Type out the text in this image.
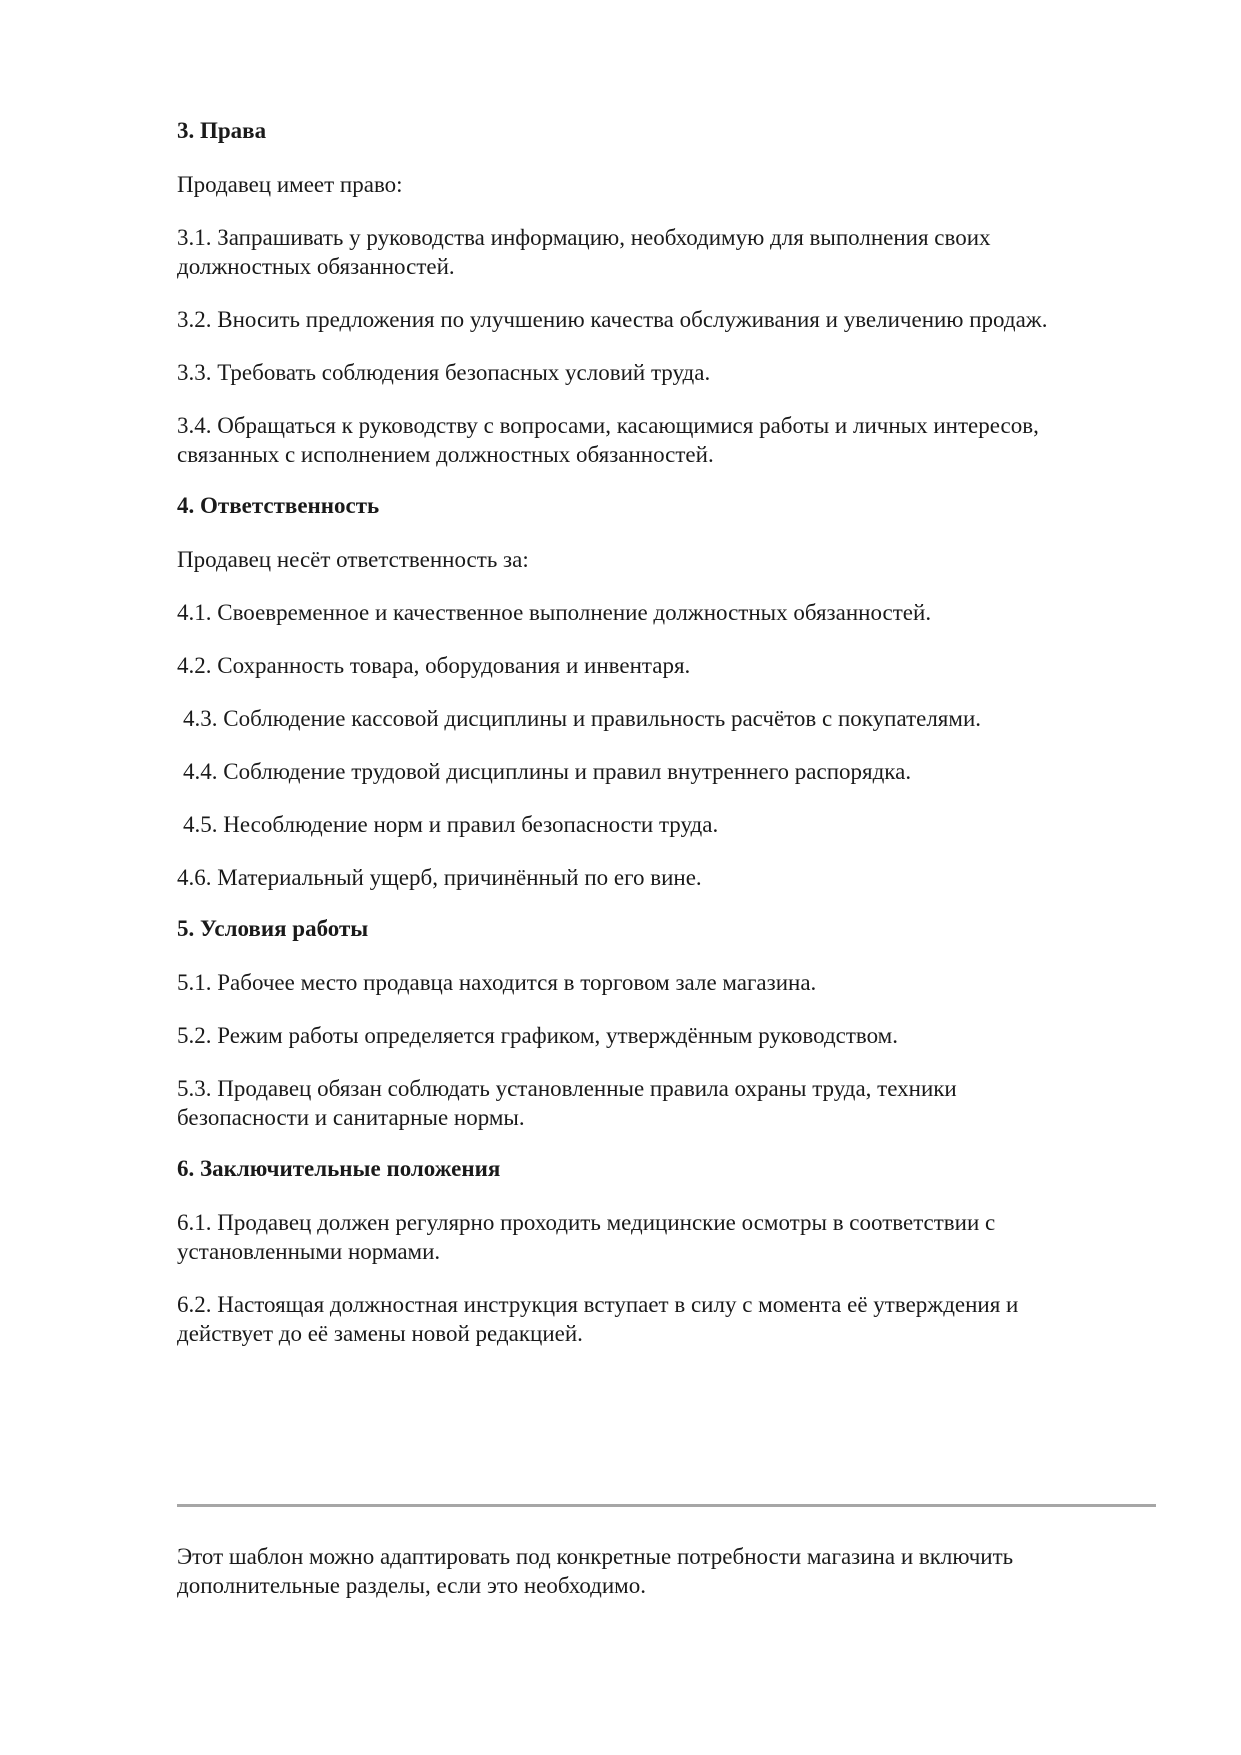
3. Права

Продавец имеет право:

3.1. Запрашивать у руководства информацию, необходимую для выполнения своих
должностных обязанностей.

3.2. Вносить предложения по улучшению качества обслуживания и увеличению продаж.

3.3. Требовать соблюдения безопасных условий труда.

3.4. Обращаться к руководству с вопросами, касающимися работы и личных интересов,
связанных с исполнением должностных обязанностей.

4. Ответственность

Продавец несёт ответственность за:

4.1. Своевременное и качественное выполнение должностных обязанностей.

4.2. Сохранность товара, оборудования и инвентаря.

4.3. Соблюдение кассовой дисциплины и правильность расчётов с покупателями.

4.4. Соблюдение трудовой дисциплины и правил внутреннего распорядка.

4.5. Несоблюдение норм и правил безопасности труда.

4.6. Материальный ущерб, причинённый по его вине.

5. Условия работы

5.1. Рабочее место продавца находится в торговом зале магазина.

5.2. Режим работы определяется графиком, утверждённым руководством.

5.3. Продавец обязан соблюдать установленные правила охраны труда, техники
безопасности и санитарные нормы.

6. Заключительные положения

6.1. Продавец должен регулярно проходить медицинские осмотры в соответствии с
установленными нормами.

6.2. Настоящая должностная инструкция вступает в силу с момента её утверждения и
действует до её замены новой редакцией.

Этот шаблон можно адаптировать под конкретные потребности магазина и включить
дополнительные разделы, если это необходимо.
